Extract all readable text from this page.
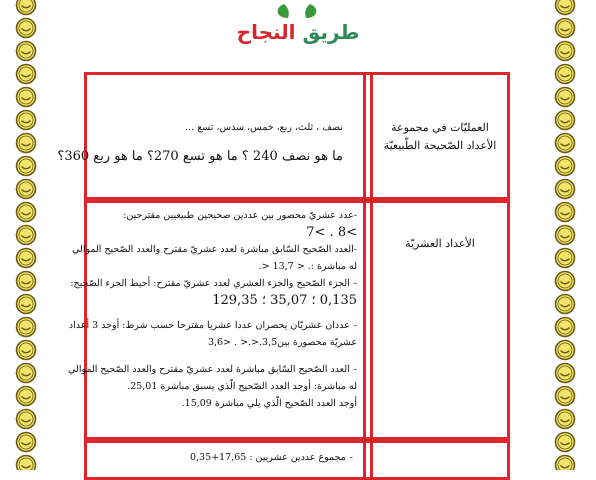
طريق النجاح
نصف ، ثلث، ربع، خمس، سدس، تسع ...
ما هو نصف 240 ؟ ما هو تسع 270؟ ما هو ربع 360؟
العمليّات في مجموعة الأعداد الصّحيحة الطّبيعيّة
-عدد عشريّ محصور بين عددين صحيحين طبيعيين مقترحين:
7< . 8<
-العدد الصّحيح السّابق مباشرة لعدد عشريّ مقترح والعدد الصّحيح الموالي
له مباشرة :. < 13,7 <.
- الجزء الصّحيح والجزء العشري لعدد عشريّ مقترح: أحيط الجزء الصّحيح:
0,135 ؛ 35,07 ؛ 129,35
- عددان عشريّان يحصران عددا عشريا مقترحا حسب شرط: أوجد 3 أعداد
عشريّة محصورة بين3,5.<.< . <3,6
- العدد الصّحيح السّابق مباشرة لعدد عشريّ مقترح والعدد الصّحيح الموالي
له مباشرة: أوجد العدد الصّحيح الّذي يسبق مباشرة 25,01.
أوجد العدد الصّحيح الّذي يلي مباشرة 15,09.
الأعداد العشريّة
- مجموع عددين عشريين : 17,65+0,35
